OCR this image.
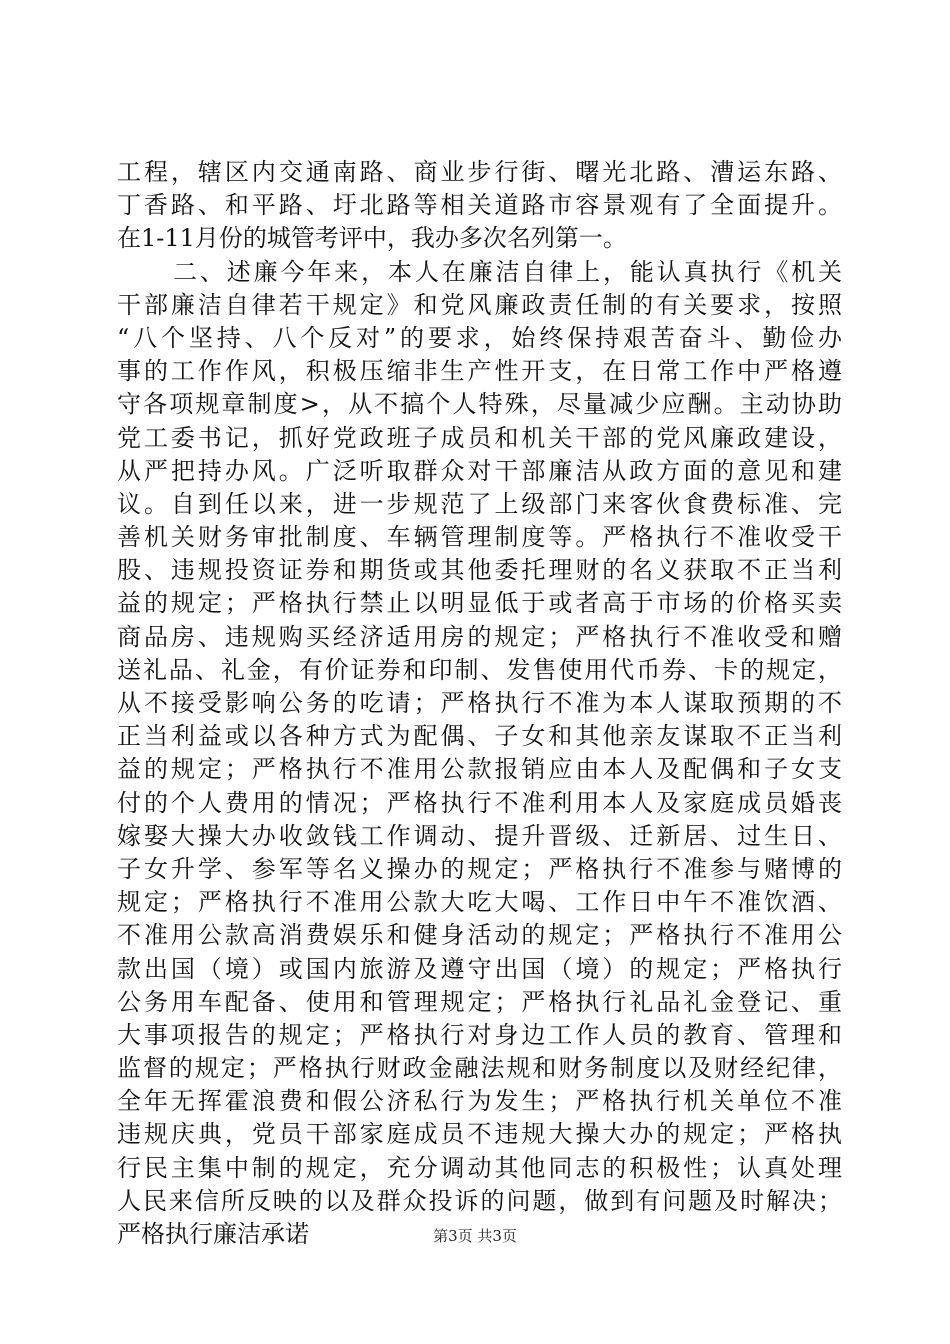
工程，辖区内交通南路、商业步行街、曙光北路、漕运东路、
丁香路、和平路、圩北路等相关道路市容景观有了全面提升。
在1-11月份的城管考评中，我办多次名列第一。
二、述廉今年来，本人在廉洁自律上，能认真执行《机关
干部廉洁自律若干规定》和党风廉政责任制的有关要求，按照
“八个坚持、八个反对”的要求，始终保持艰苦奋斗、勤俭办
事的工作作风，积极压缩非生产性开支，在日常工作中严格遵
守各项规章制度>，从不搞个人特殊，尽量减少应酬。主动协助
党工委书记，抓好党政班子成员和机关干部的党风廉政建设，
从严把持办风。广泛听取群众对干部廉洁从政方面的意见和建
议。自到任以来，进一步规范了上级部门来客伙食费标准、完
善机关财务审批制度、车辆管理制度等。严格执行不准收受干
股、违规投资证券和期货或其他委托理财的名义获取不正当利
益的规定；严格执行禁止以明显低于或者高于市场的价格买卖
商品房、违规购买经济适用房的规定；严格执行不准收受和赠
送礼品、礼金，有价证券和印制、发售使用代币券、卡的规定，
从不接受影响公务的吃请；严格执行不准为本人谋取预期的不
正当利益或以各种方式为配偶、子女和其他亲友谋取不正当利
益的规定；严格执行不准用公款报销应由本人及配偶和子女支
付的个人费用的情况；严格执行不准利用本人及家庭成员婚丧
嫁娶大操大办收敛钱工作调动、提升晋级、迁新居、过生日、
子女升学、参军等名义操办的规定；严格执行不准参与赌博的
规定；严格执行不准用公款大吃大喝、工作日中午不准饮酒、
不准用公款高消费娱乐和健身活动的规定；严格执行不准用公
款出国（境）或国内旅游及遵守出国（境）的规定；严格执行
公务用车配备、使用和管理规定；严格执行礼品礼金登记、重
大事项报告的规定；严格执行对身边工作人员的教育、管理和
监督的规定；严格执行财政金融法规和财务制度以及财经纪律，
全年无挥霍浪费和假公济私行为发生；严格执行机关单位不准
违规庆典，党员干部家庭成员不违规大操大办的规定；严格执
行民主集中制的规定，充分调动其他同志的积极性；认真处理
人民来信所反映的以及群众投诉的问题，做到有问题及时解决；
严格执行廉洁承诺	第3页 共3页
